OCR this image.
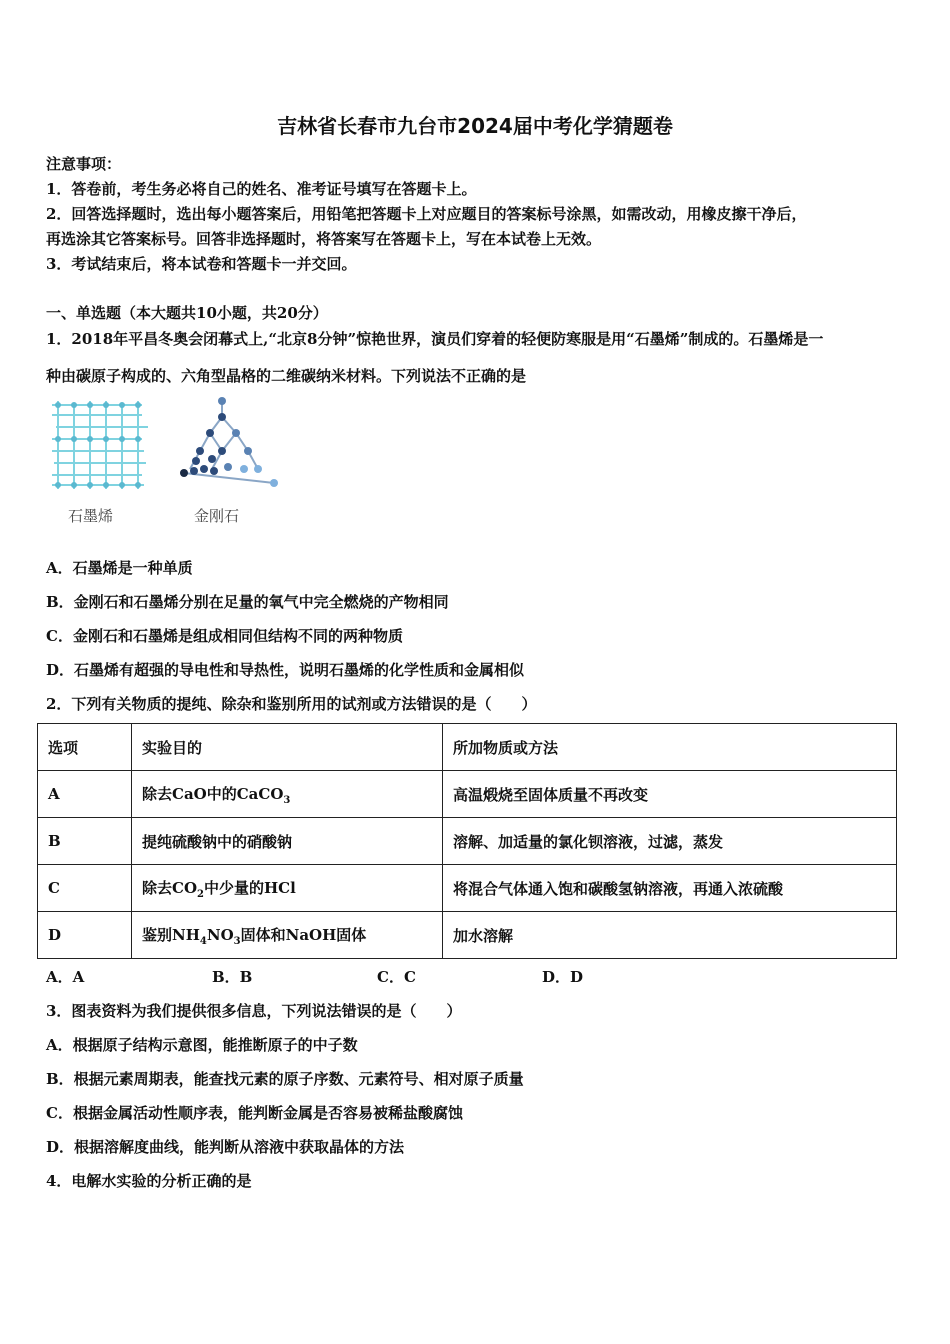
吉林省长春市九台市2024届中考化学猜题卷
注意事项：
1．答卷前，考生务必将自己的姓名、准考证号填写在答题卡上。
2．回答选择题时，选出每小题答案后，用铅笔把答题卡上对应题目的答案标号涂黑，如需改动，用橡皮擦干净后，
再选涂其它答案标号。回答非选择题时，将答案写在答题卡上，写在本试卷上无效。
3．考试结束后，将本试卷和答题卡一并交回。
一、单选题（本大题共10小题，共20分）
1．2018年平昌冬奥会闭幕式上,“北京8分钟”惊艳世界，演员们穿着的轻便防寒服是用“石墨烯”制成的。石墨烯是一
种由碳原子构成的、六角型晶格的二维碳纳米材料。下列说法不正确的是
石墨烯	金刚石
A．石墨烯是一种单质
B．金刚石和石墨烯分别在足量的氧气中完全燃烧的产物相同
C．金刚石和石墨烯是组成相同但结构不同的两种物质
D．石墨烯有超强的导电性和导热性，说明石墨烯的化学性质和金属相似
2．下列有关物质的提纯、除杂和鉴别所用的试剂或方法错误的是（　　）
选项	实验目的	所加物质或方法
A	除去CaO中的CaCO$_3$	高温煅烧至固体质量不再改变
B	提纯硫酸钠中的硝酸钠	溶解、加适量的氯化钡溶液，过滤，蒸发
C	除去$CO_2$中少量的HCl	将混合气体通入饱和碳酸氢钠溶液，再通入浓硫酸
D	鉴别$NH_4NO_3$固体和NaOH固体	加水溶解
A．A	B．B	C．C	D．D
3．图表资料为我们提供很多信息，下列说法错误的是（　　）
A．根据原子结构示意图，能推断原子的中子数
B．根据元素周期表，能查找元素的原子序数、元素符号、相对原子质量
C．根据金属活动性顺序表，能判断金属是否容易被稀盐酸腐蚀
D．根据溶解度曲线，能判断从溶液中获取晶体的方法
4．电解水实验的分析正确的是
